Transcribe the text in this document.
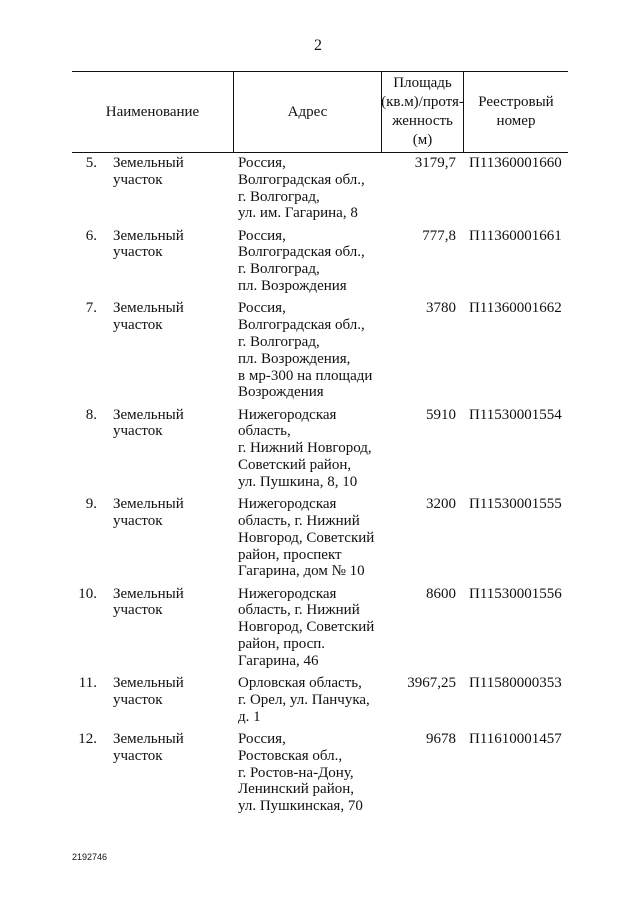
2
Наименование	Адрес
Площадь
(кв.м)/протя-
женность
(м)
Реестровый
номер
5. Земельный
участок
Россия,
Волгоградская обл.,
г. Волгоград,
ул. им. Гагарина, 8
3179,7 П11360001660
6. Земельный
участок
Россия,
Волгоградская обл.,
г. Волгоград,
пл. Возрождения
777,8 П11360001661
7. Земельный
участок
Россия,
Волгоградская обл.,
г. Волгоград,
пл. Возрождения,
в мр-300 на площади
Возрождения
3780 П11360001662
8. Земельный
участок
Нижегородская
область,
г. Нижний Новгород,
Советский район,
ул. Пушкина, 8, 10
5910 П11530001554
9. Земельный
участок
Нижегородская
область, г. Нижний
Новгород, Советский
район, проспект
Гагарина, дом № 10
3200 П11530001555
10. Земельный
участок
Нижегородская
область, г. Нижний
Новгород, Советский
район, просп.
Гагарина, 46
8600 П11530001556
11. Земельный
участок
Орловская область,
г. Орел, ул. Панчука,
д. 1
3967,25 П11580000353
12. Земельный
участок
Россия,
Ростовская обл.,
г. Ростов-на-Дону,
Ленинский район,
ул. Пушкинская, 70
9678 П11610001457
2192746
